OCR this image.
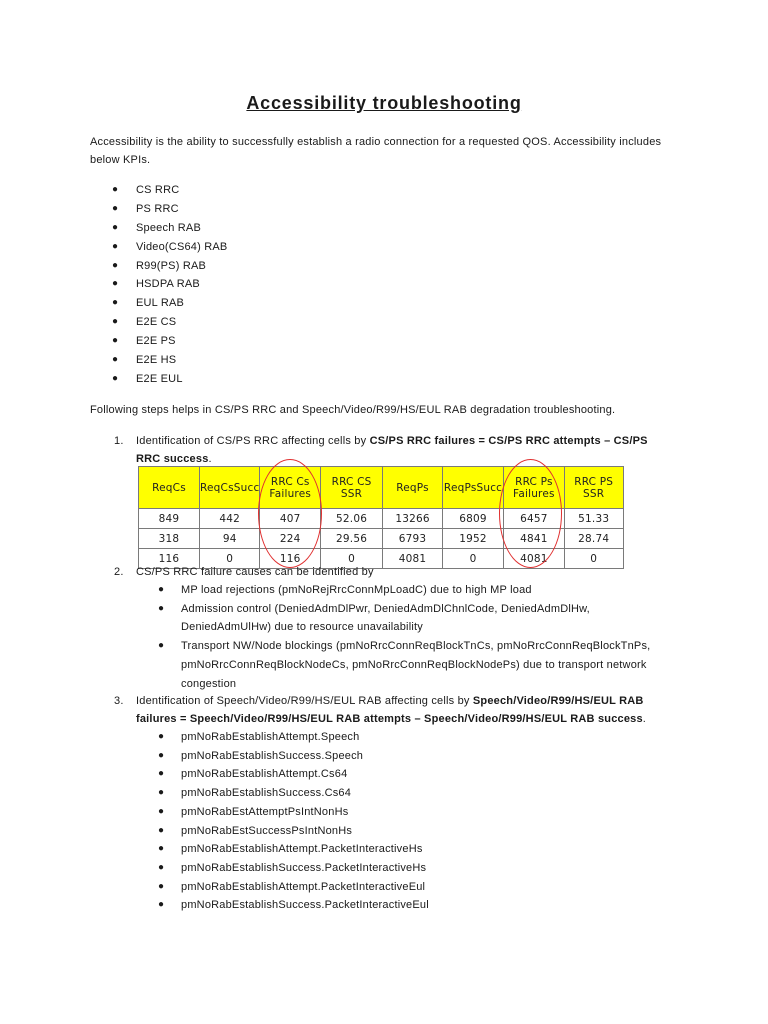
Accessibility troubleshooting
Accessibility is the ability to successfully establish a radio connection for a requested QOS. Accessibility includes below KPIs.
● CS RRC
● PS RRC
● Speech RAB
● Video(CS64) RAB
● R99(PS) RAB
● HSDPA RAB
● EUL RAB
● E2E CS
● E2E PS
● E2E HS
● E2E EUL
Following steps helps in CS/PS RRC and Speech/Video/R99/HS/EUL RAB degradation troubleshooting.
1.	Identification of CS/PS RRC affecting cells by CS/PS RRC failures = CS/PS RRC attempts – CS/PS RRC success.
ReqCs	ReqCsSucc	RRC Cs Failures	RRC CS SSR	ReqPs	ReqPsSucc	RRC Ps Failures	RRC PS SSR
849	442	407	52.06	13266	6809	6457	51.33
318	94	224	29.56	6793	1952	4841	28.74
116	0	116	0	4081	0	4081	0
2.	CS/PS RRC failure causes can be identified by
● MP load rejections (pmNoRejRrcConnMpLoadC) due to high MP load
● Admission control (DeniedAdmDlPwr, DeniedAdmDlChnlCode, DeniedAdmDlHw, DeniedAdmUlHw) due to resource unavailability
● Transport NW/Node blockings (pmNoRrcConnReqBlockTnCs, pmNoRrcConnReqBlockTnPs, pmNoRrcConnReqBlockNodeCs, pmNoRrcConnReqBlockNodePs) due to transport network congestion
3.	Identification of Speech/Video/R99/HS/EUL RAB affecting cells by Speech/Video/R99/HS/EUL RAB failures = Speech/Video/R99/HS/EUL RAB attempts – Speech/Video/R99/HS/EUL RAB success.
● pmNoRabEstablishAttempt.Speech
● pmNoRabEstablishSuccess.Speech
● pmNoRabEstablishAttempt.Cs64
● pmNoRabEstablishSuccess.Cs64
● pmNoRabEstAttemptPsIntNonHs
● pmNoRabEstSuccessPsIntNonHs
● pmNoRabEstablishAttempt.PacketInteractiveHs
● pmNoRabEstablishSuccess.PacketInteractiveHs
● pmNoRabEstablishAttempt.PacketInteractiveEul
● pmNoRabEstablishSuccess.PacketInteractiveEul
